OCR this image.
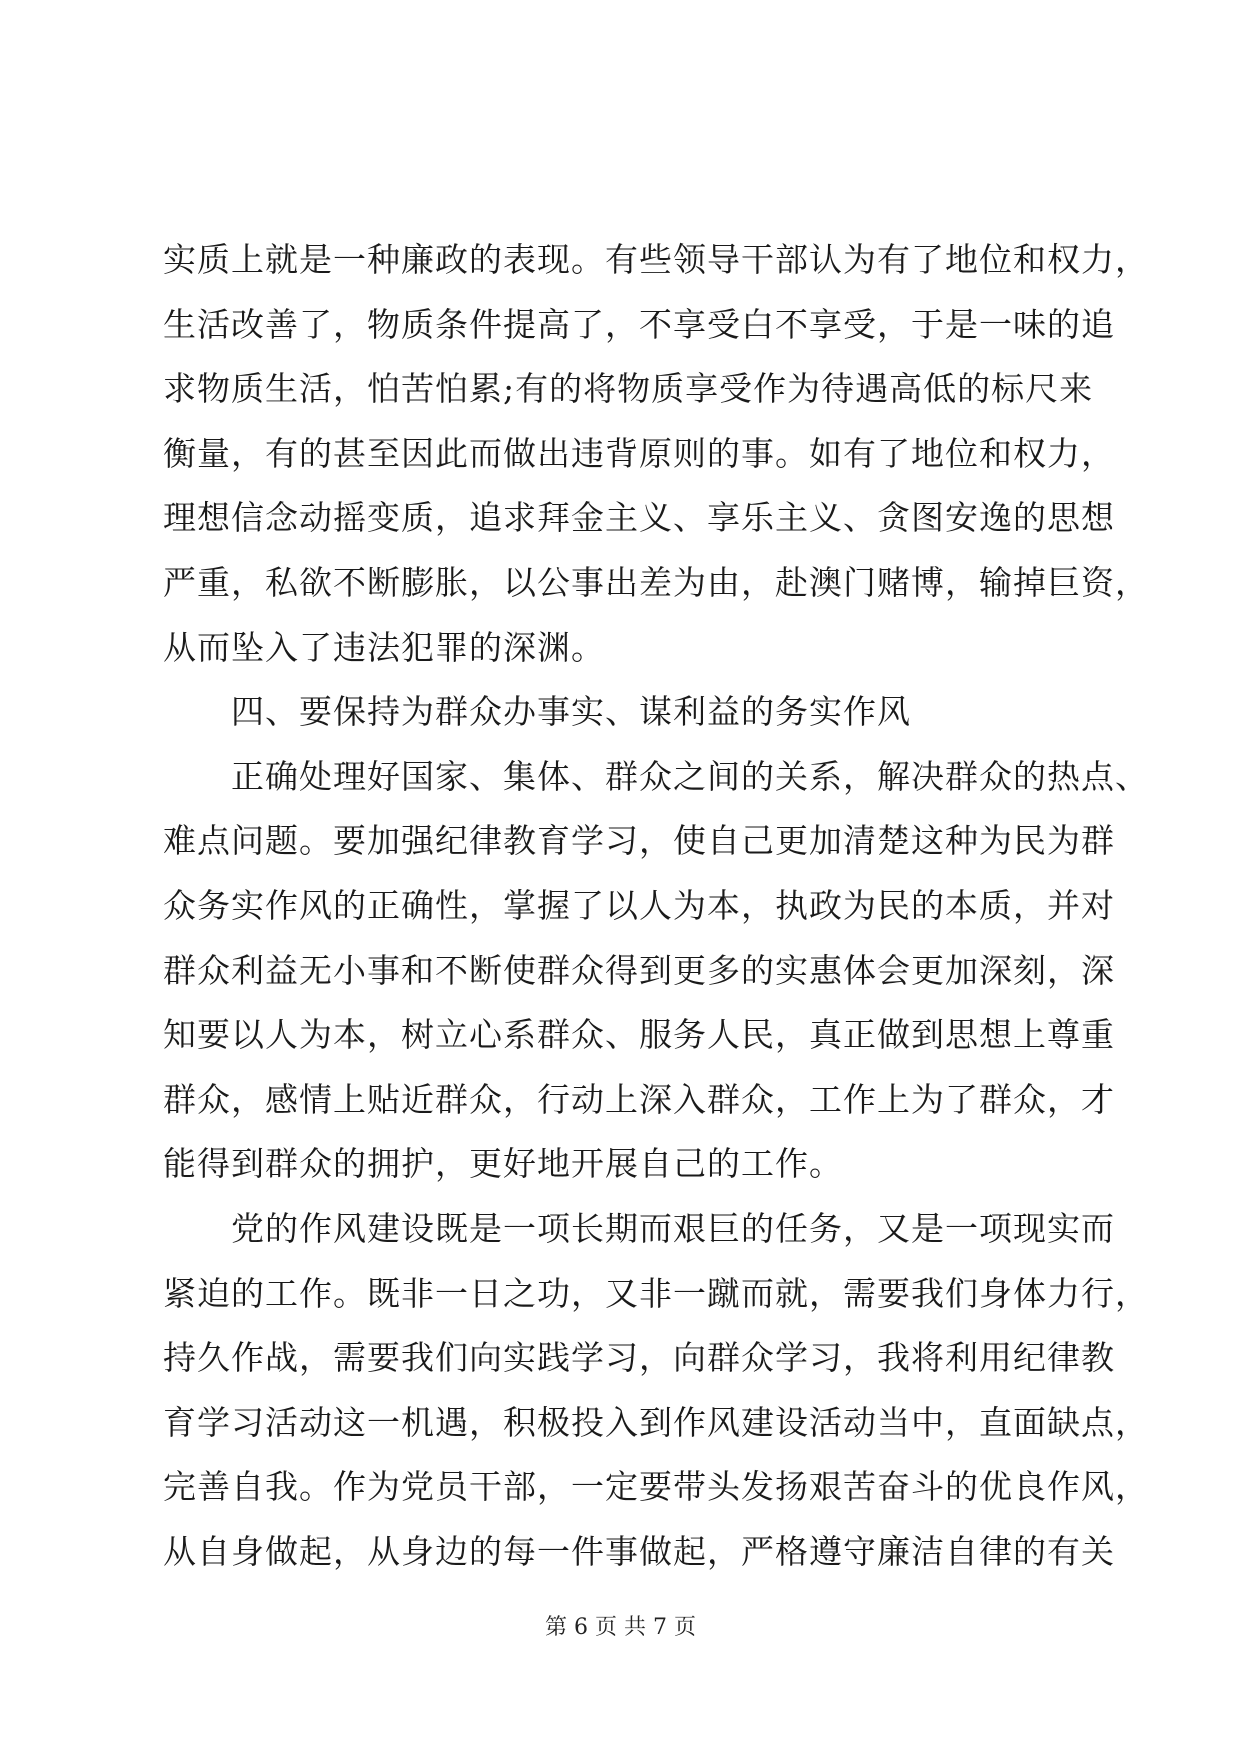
实质上就是一种廉政的表现。有些领导干部认为有了地位和权力，
生活改善了，物质条件提高了，不享受白不享受，于是一味的追
求物质生活，怕苦怕累;有的将物质享受作为待遇高低的标尺来
衡量，有的甚至因此而做出违背原则的事。如有了地位和权力，
理想信念动摇变质，追求拜金主义、享乐主义、贪图安逸的思想
严重，私欲不断膨胀，以公事出差为由，赴澳门赌博，输掉巨资，
从而坠入了违法犯罪的深渊。
　　四、要保持为群众办事实、谋利益的务实作风
　　正确处理好国家、集体、群众之间的关系，解决群众的热点、
难点问题。要加强纪律教育学习，使自己更加清楚这种为民为群
众务实作风的正确性，掌握了以人为本，执政为民的本质，并对
群众利益无小事和不断使群众得到更多的实惠体会更加深刻，深
知要以人为本，树立心系群众、服务人民，真正做到思想上尊重
群众，感情上贴近群众，行动上深入群众，工作上为了群众，才
能得到群众的拥护，更好地开展自己的工作。
　　党的作风建设既是一项长期而艰巨的任务，又是一项现实而
紧迫的工作。既非一日之功，又非一蹴而就，需要我们身体力行，
持久作战，需要我们向实践学习，向群众学习，我将利用纪律教
育学习活动这一机遇，积极投入到作风建设活动当中，直面缺点，
完善自我。作为党员干部，一定要带头发扬艰苦奋斗的优良作风，
从自身做起，从身边的每一件事做起，严格遵守廉洁自律的有关
第 6 页 共 7 页
